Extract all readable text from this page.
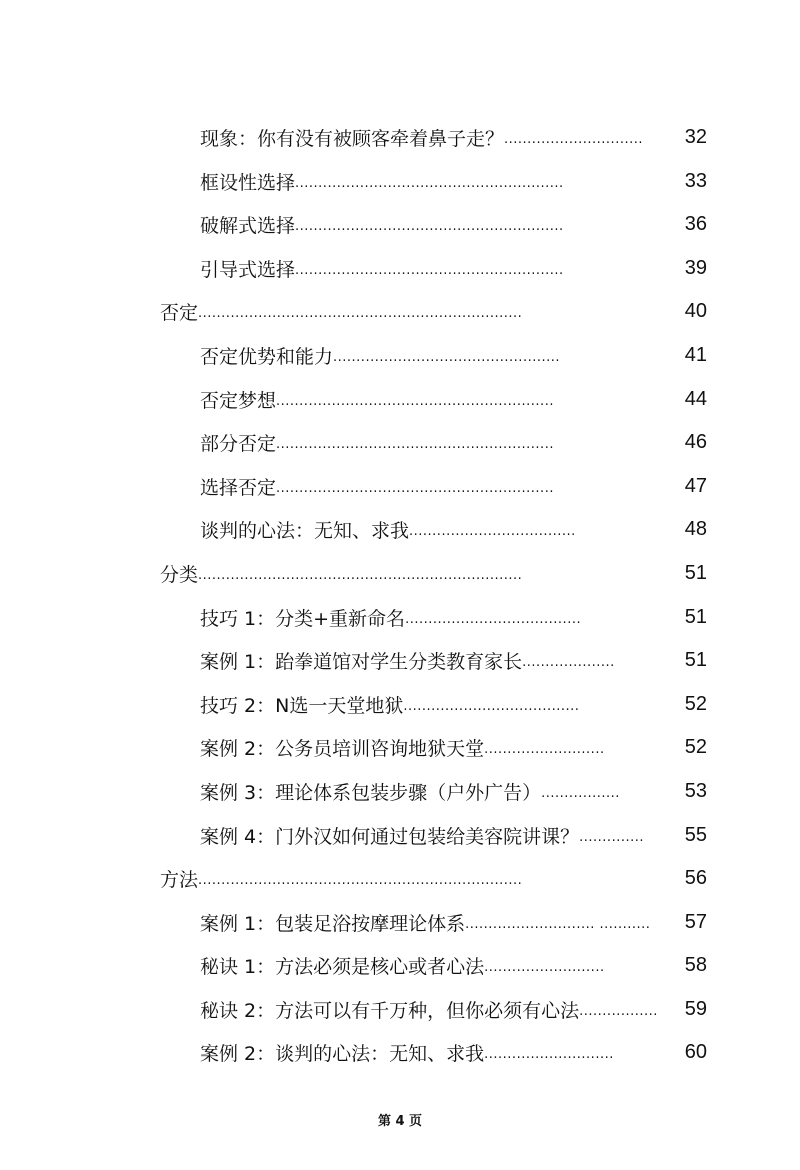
现象：你有没有被顾客牵着鼻子走？.............................. 32
框设性选择..........................................................	33
破解式选择..........................................................	36
引导式选择..........................................................	39
否定......................................................................	40
否定优势和能力.................................................	41
否定梦想............................................................	44
部分否定............................................................	46
选择否定............................................................	47
谈判的心法：无知、求我....................................	48
分类......................................................................	51
技巧 1：分类+重新命名......................................	51
案例 1：跆拳道馆对学生分类教育家长....................	51
技巧 2：N选一天堂地狱......................................	52
案例 2：公务员培训咨询地狱天堂..........................	52
案例 3：理论体系包装步骤（户外广告）.................	53
案例 4：门外汉如何通过包装给美容院讲课？.............. 55
方法......................................................................	56
案例 1：包装足浴按摩理论体系............................ ........... 57
秘诀 1：方法必须是核心或者心法..........................	58
秘诀 2：方法可以有千万种，但你必须有心法................. 59
案例 2：谈判的心法：无知、求我............................	60
第 4 页
